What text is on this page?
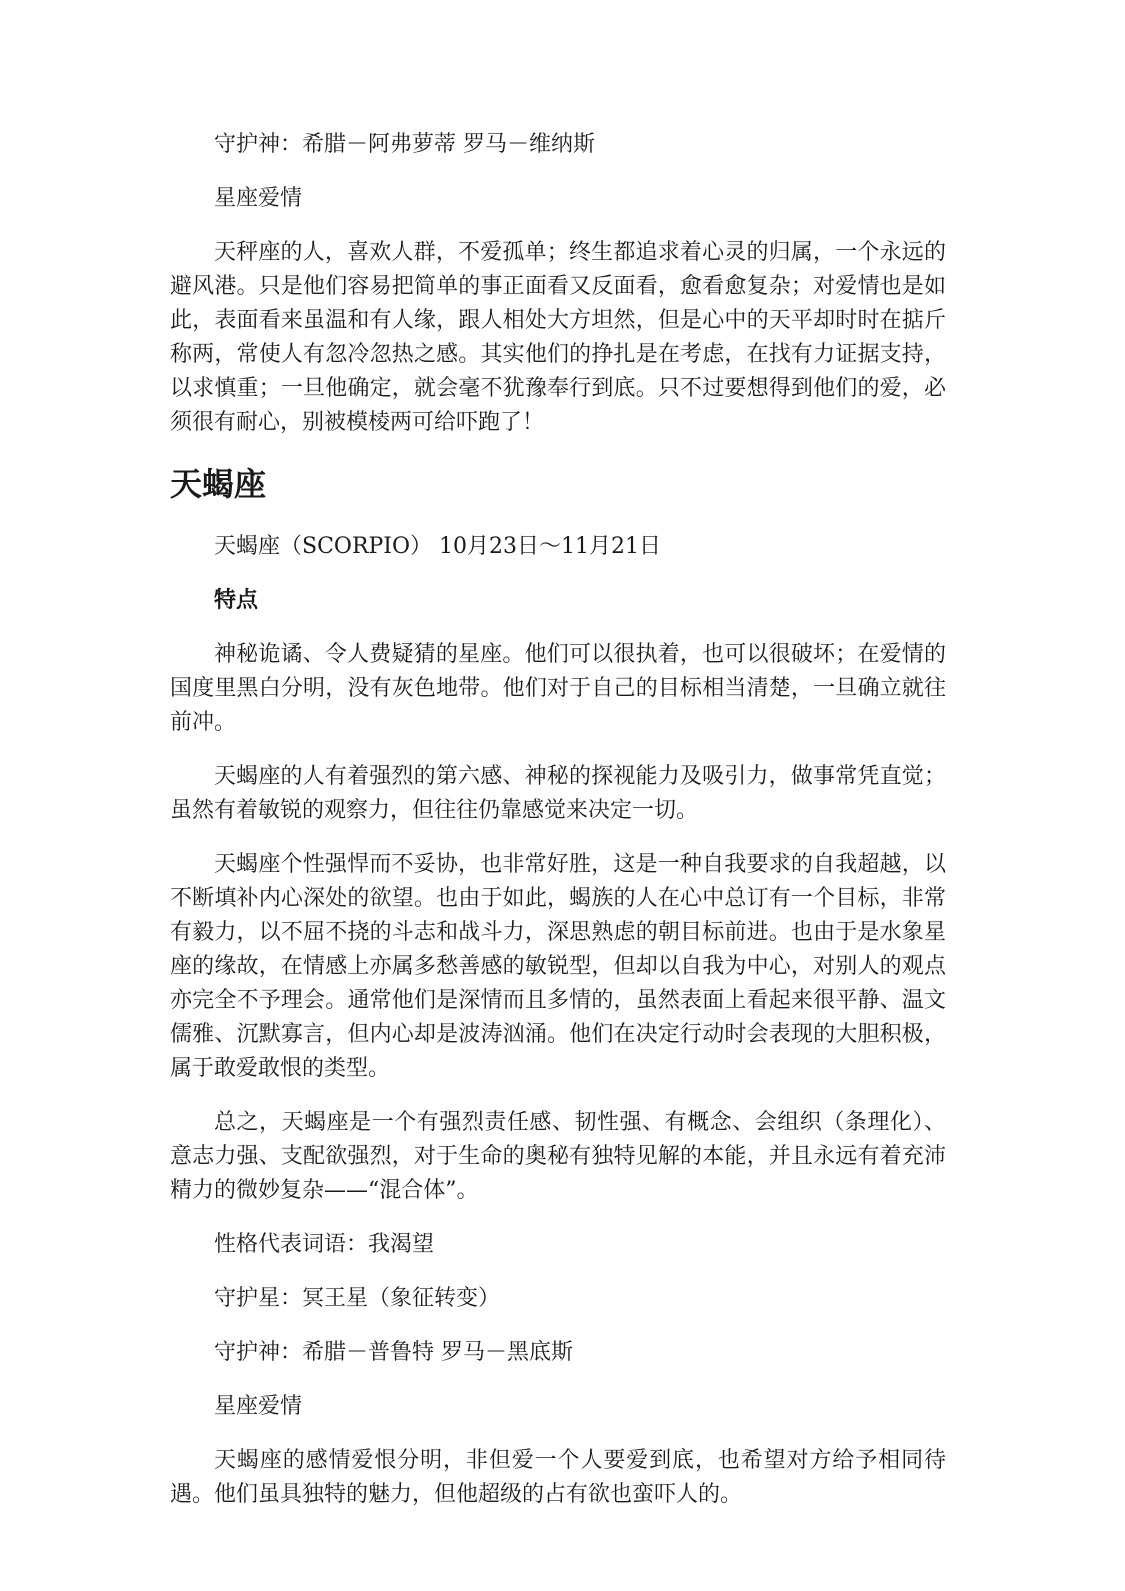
守护神：希腊－阿弗萝蒂 罗马－维纳斯

星座爱情

天秤座的人，喜欢人群，不爱孤单；终生都追求着心灵的归属，一个永远的避风港。只是他们容易把简单的事正面看又反面看，愈看愈复杂；对爱情也是如此，表面看来虽温和有人缘，跟人相处大方坦然，但是心中的天平却时时在掂斤称两，常使人有忽冷忽热之感。其实他们的挣扎是在考虑，在找有力证据支持，以求慎重；一旦他确定，就会毫不犹豫奉行到底。只不过要想得到他们的爱，必须很有耐心，别被模棱两可给吓跑了！

天蝎座

天蝎座（SCORPIO） 10月23日～11月21日

特点

神秘诡谲、令人费疑猜的星座。他们可以很执着，也可以很破坏；在爱情的国度里黑白分明，没有灰色地带。他们对于自己的目标相当清楚，一旦确立就往前冲。

天蝎座的人有着强烈的第六感、神秘的探视能力及吸引力，做事常凭直觉；虽然有着敏锐的观察力，但往往仍靠感觉来决定一切。

天蝎座个性强悍而不妥协，也非常好胜，这是一种自我要求的自我超越，以不断填补内心深处的欲望。也由于如此，蝎族的人在心中总订有一个目标，非常有毅力，以不屈不挠的斗志和战斗力，深思熟虑的朝目标前进。也由于是水象星座的缘故，在情感上亦属多愁善感的敏锐型，但却以自我为中心，对别人的观点亦完全不予理会。通常他们是深情而且多情的，虽然表面上看起来很平静、温文儒雅、沉默寡言，但内心却是波涛汹涌。他们在决定行动时会表现的大胆积极，属于敢爱敢恨的类型。

总之，天蝎座是一个有强烈责任感、韧性强、有概念、会组织（条理化）、意志力强、支配欲强烈，对于生命的奥秘有独特见解的本能，并且永远有着充沛精力的微妙复杂——“混合体”。

性格代表词语：我渴望

守护星：冥王星（象征转变）

守护神：希腊－普鲁特 罗马－黑底斯

星座爱情

天蝎座的感情爱恨分明，非但爱一个人要爱到底，也希望对方给予相同待遇。他们虽具独特的魅力，但他超级的占有欲也蛮吓人的。
